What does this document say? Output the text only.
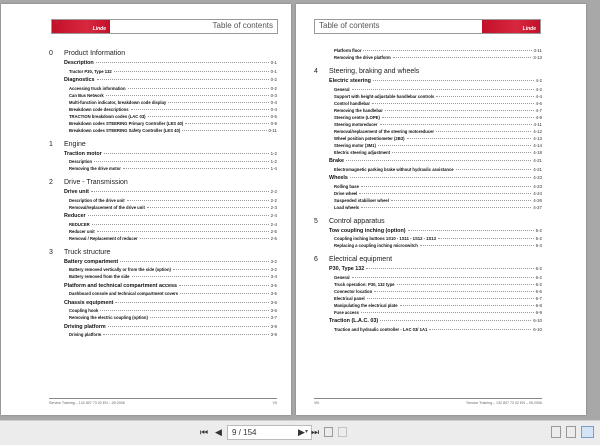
...
Linde	Table of contents
0	Product Information
Description	0-1
Tractor P30, Type 132	0-1
Diagnostics	0-2
Accessing truck information	0-2
Can Bus Network	0-3
Multi-function indicator, breakdown code display	0-4
Breakdown code descriptions	0-4
TRACTION breakdown codes (LAC 03)	0-5
Breakdown codes STEERING Primary Controller (LES 40)	0-9
Breakdown codes STEERING Safety Controller (LES 40)	0-11
1	Engine
Traction motor	1-2
Description	1-2
Removing the drive motor	1-4
2	Drive - Transmission
Drive unit	2-2
Description of the drive unit	2-2
Removal/replacement of the drive unit	2-3
Reducer	2-4
REDUCER	2-4
Reducer unit	2-5
Removal / Replacement of reducer	2-6
3	Truck structure
Battery compartment	3-2
Battery removed vertically or from the side (option)	3-2
Battery removed from the side	3-4
Platform and technical compartment access	3-5
Dashboard console and technical compartment covers	3-5
Chassis equipment	3-6
Coupling hook	3-6
Removing the electric coupling (option)	3-7
Driving platform	3-9
Driving platform	3-9
Service Training – 132 807 73 02 EN – 09.2006	VII
Table of contents	...
Linde
Platform floor	3-11
Removing the drive platform	3-13
4	Steering, braking and wheels
Electric steering	4-2
General	4-2
Support with height-adjustable handlebar controls	4-4
Control handlebar	4-6
Removing the handlebar	4-7
Steering centre (LOPE)	4-9
Steering motoreducer	4-11
Removal/replacement of the steering motoreducer	4-12
Wheel position potentiometer (2B3)	4-13
Steering motor (3M1)	4-14
Electric steering adjustment	4-18
Brake	4-21
Electromagnetic parking brake without hydraulic assistance	4-21
Wheels	4-23
Rolling base	4-23
Drive wheel	4-24
Suspended stabiliser wheel	4-26
Load wheels	4-27
5	Control apparatus
Tow coupling inching (option)	5-2
Coupling inching buttons 1S10 - 1S11 - 1S12 - 1S13	5-2
Replacing a coupling inching microswitch	5-3
6	Electrical equipment
P30, Type 132	6-2
General	6-2
Truck operation: P30, 132 type	6-2
Connector location	6-6
Electrical panel	6-7
Manipulating the electrical plate	6-8
Fuse access	6-9
Traction (L.A.C. 03)	6-10
Traction and hydraulic controller - LAC 03/ 1A1	6-10
VIII	Service Training – 132 807 73 02 EN – 09.2006
⏮ ◀	9 / 154	▾
▶ ⏭
